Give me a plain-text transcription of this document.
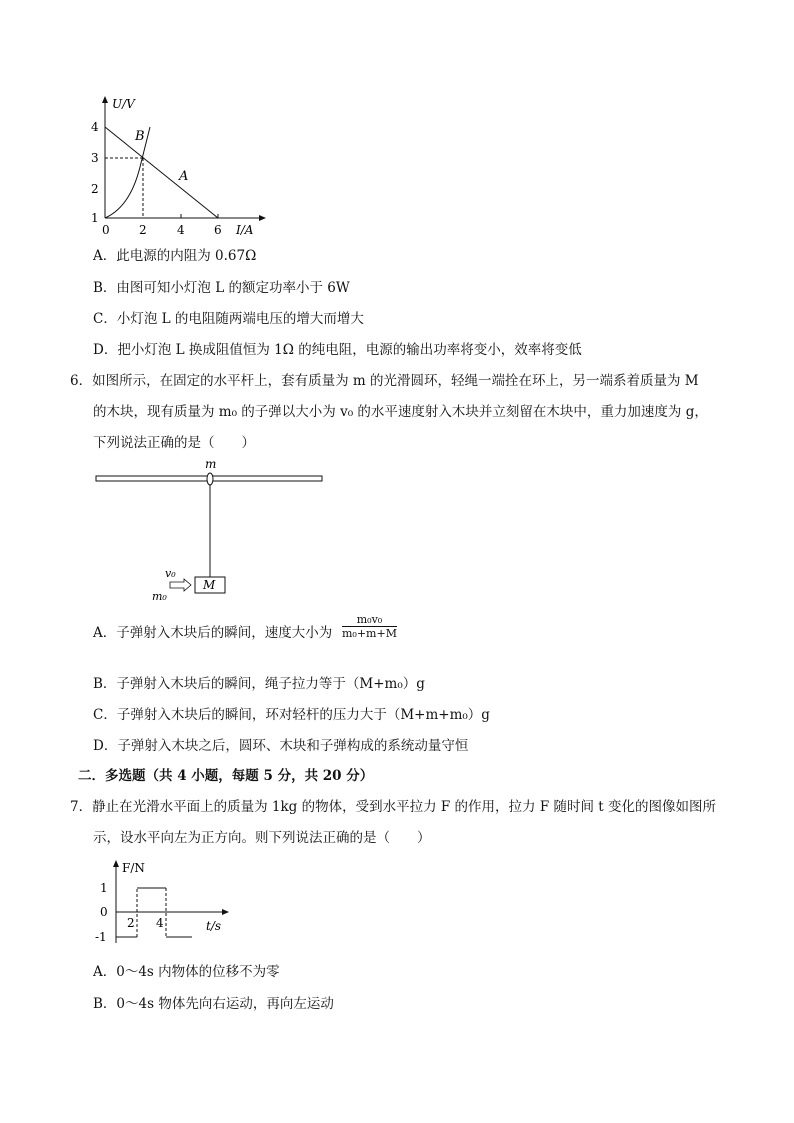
U/V
4
3
2
1
0 2	4 6 I/A
B
A
A．此电源的内阻为 0.67Ω
B．由图可知小灯泡 L 的额定功率小于 6W
C．小灯泡 L 的电阻随两端电压的增大而增大
D．把小灯泡 L 换成阻值恒为 1Ω 的纯电阻，电源的输出功率将变小，效率将变低
6．如图所示，在固定的水平杆上，套有质量为 m 的光滑圆环，轻绳一端拴在环上，另一端系着质量为 M
的木块，现有质量为 m₀ 的子弹以大小为 v₀ 的水平速度射入木块并立刻留在木块中，重力加速度为 g，
下列说法正确的是（　　）
m
M
v₀
m₀
A．子弹射入木块后的瞬间，速度大小为 $\frac{\text{m₀v₀}}{\text{m₀+m+M}}$
B．子弹射入木块后的瞬间，绳子拉力等于（M+m₀）g
C．子弹射入木块后的瞬间，环对轻杆的压力大于（M+m+m₀）g
D．子弹射入木块之后，圆环、木块和子弹构成的系统动量守恒
二．多选题（共 4 小题，每题 5 分，共 20 分）
7．静止在光滑水平面上的质量为 1kg 的物体，受到水平拉力 F 的作用，拉力 F 随时间 t 变化的图像如图所
示，设水平向左为正方向。则下列说法正确的是（　　）
F/N
1
0
-1
2 4	t/s
A．0～4s 内物体的位移不为零
B．0～4s 物体先向右运动，再向左运动
